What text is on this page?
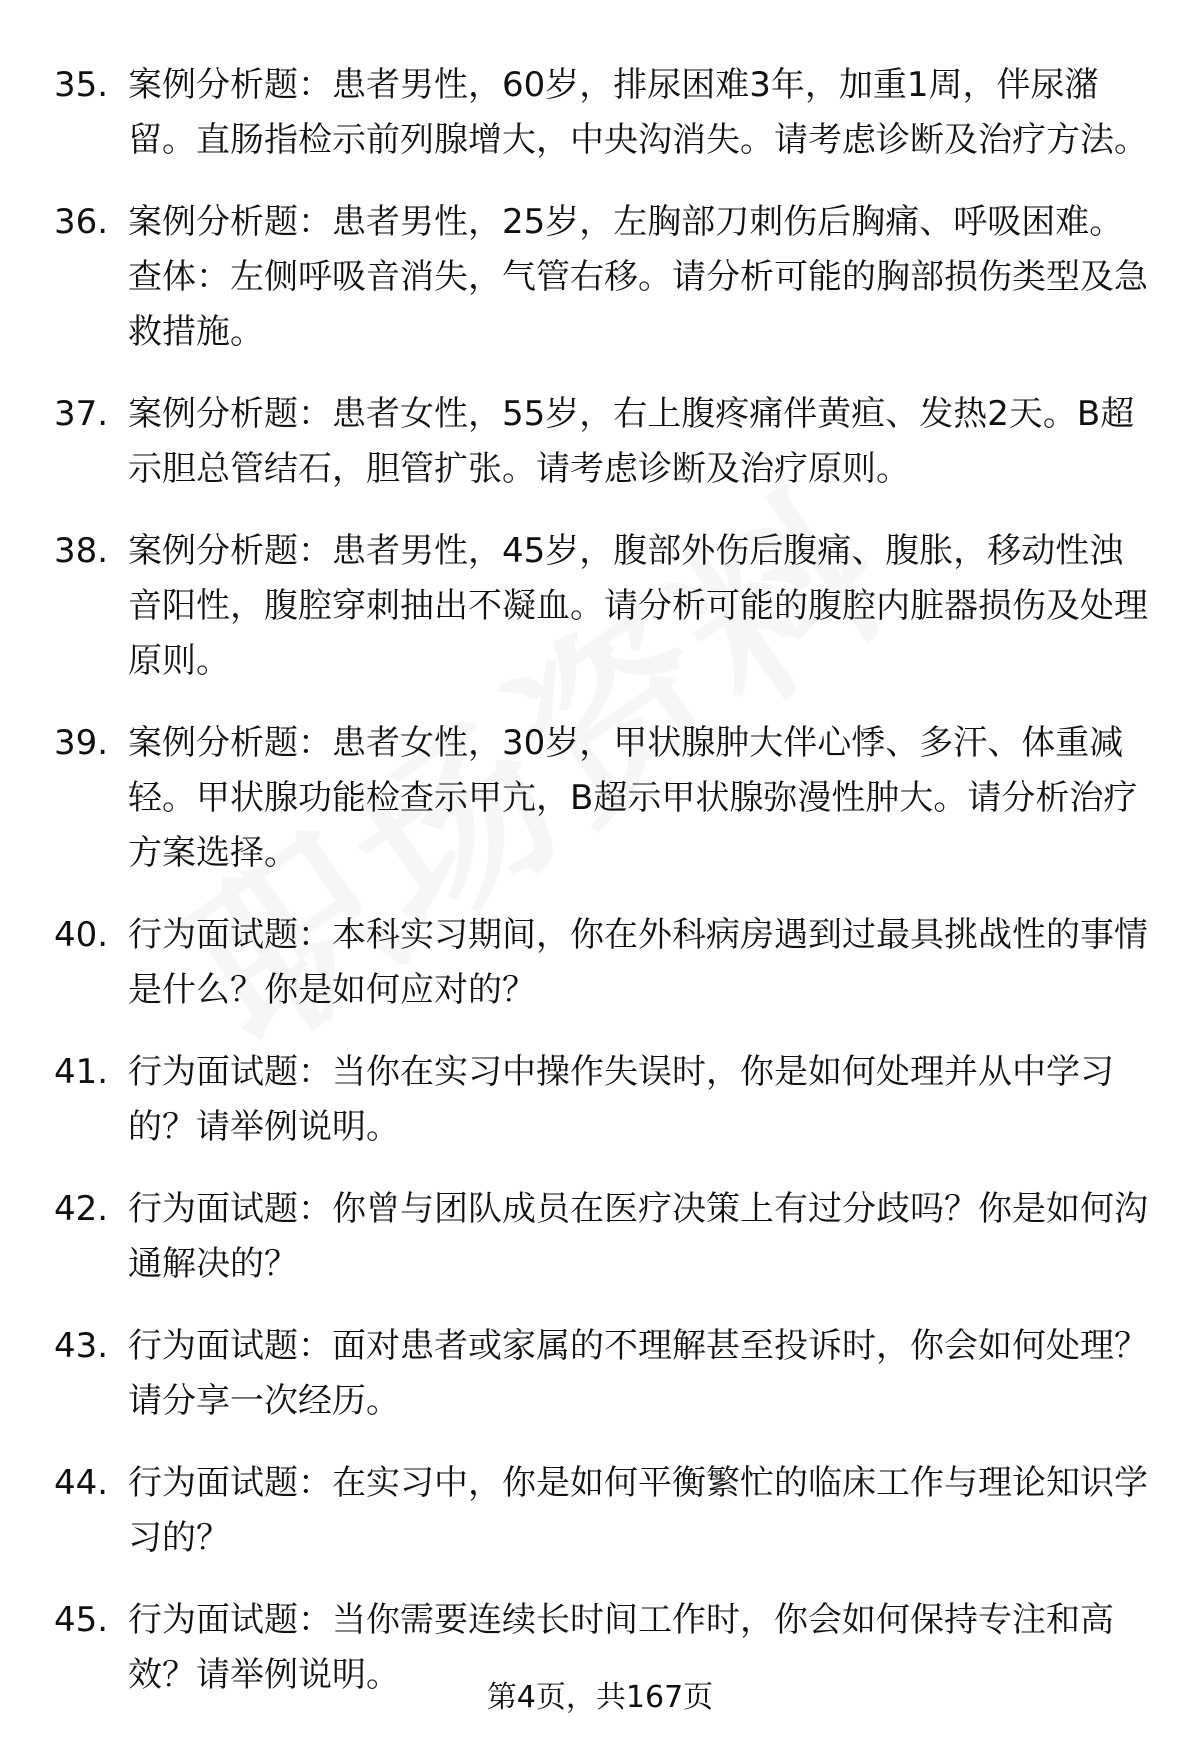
35. 案例分析题：患者男性，60岁，排尿困难3年，加重1周，伴尿潴留。直肠指检示前列腺增大，中央沟消失。请考虑诊断及治疗方法。
36. 案例分析题：患者男性，25岁，左胸部刀刺伤后胸痛、呼吸困难。查体：左侧呼吸音消失，气管右移。请分析可能的胸部损伤类型及急救措施。
37. 案例分析题：患者女性，55岁，右上腹疼痛伴黄疸、发热2天。B超示胆总管结石，胆管扩张。请考虑诊断及治疗原则。
38. 案例分析题：患者男性，45岁，腹部外伤后腹痛、腹胀，移动性浊音阳性，腹腔穿刺抽出不凝血。请分析可能的腹腔内脏器损伤及处理原则。
39. 案例分析题：患者女性，30岁，甲状腺肿大伴心悸、多汗、体重减轻。甲状腺功能检查示甲亢，B超示甲状腺弥漫性肿大。请分析治疗方案选择。
40. 行为面试题：本科实习期间，你在外科病房遇到过最具挑战性的事情是什么？你是如何应对的？
41. 行为面试题：当你在实习中操作失误时，你是如何处理并从中学习的？请举例说明。
42. 行为面试题：你曾与团队成员在医疗决策上有过分歧吗？你是如何沟通解决的？
43. 行为面试题：面对患者或家属的不理解甚至投诉时，你会如何处理？请分享一次经历。
44. 行为面试题：在实习中，你是如何平衡繁忙的临床工作与理论知识学习的？
45. 行为面试题：当你需要连续长时间工作时，你会如何保持专注和高效？请举例说明。
第4页，共167页
